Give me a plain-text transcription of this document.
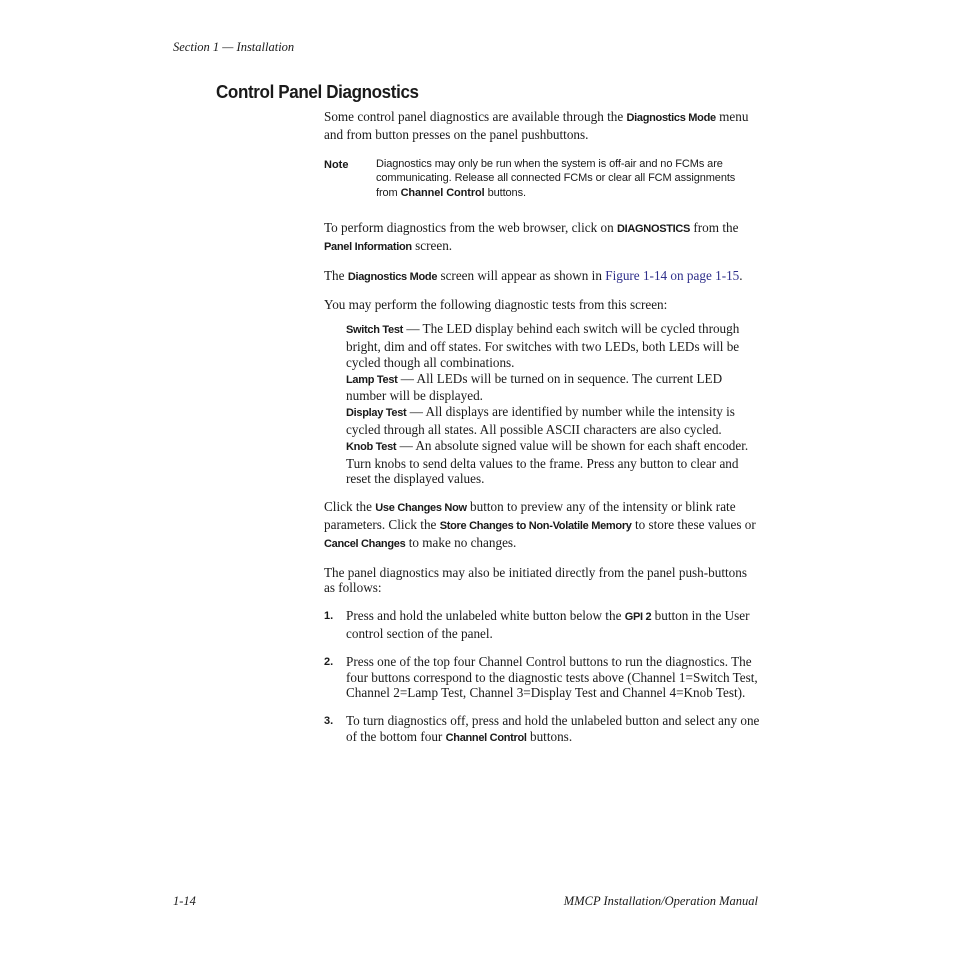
Section 1 — Installation
Control Panel Diagnostics

Some control panel diagnostics are available through the Diagnostics Mode menu and from button presses on the panel pushbuttons.

Note	Diagnostics may only be run when the system is off-air and no FCMs are communicating. Release all connected FCMs or clear all FCM assignments from Channel Control buttons.

To perform diagnostics from the web browser, click on DIAGNOSTICS from the Panel Information screen.

The Diagnostics Mode screen will appear as shown in Figure 1-14 on page 1-15.

You may perform the following diagnostic tests from this screen:

Switch Test — The LED display behind each switch will be cycled through bright, dim and off states. For switches with two LEDs, both LEDs will be cycled though all combinations.

Lamp Test — All LEDs will be turned on in sequence. The current LED number will be displayed.

Display Test — All displays are identified by number while the intensity is cycled through all states. All possible ASCII characters are also cycled.

Knob Test — An absolute signed value will be shown for each shaft encoder. Turn knobs to send delta values to the frame. Press any button to clear and reset the displayed values.

Click the Use Changes Now button to preview any of the intensity or blink rate parameters. Click the Store Changes to Non-Volatile Memory to store these values or Cancel Changes to make no changes.

The panel diagnostics may also be initiated directly from the panel push-buttons as follows:

1. Press and hold the unlabeled white button below the GPI 2 button in the User control section of the panel.
2. Press one of the top four Channel Control buttons to run the diagnostics. The four buttons correspond to the diagnostic tests above (Channel 1=Switch Test, Channel 2=Lamp Test, Channel 3=Display Test and Channel 4=Knob Test).
3. To turn diagnostics off, press and hold the unlabeled button and select any one of the bottom four Channel Control buttons.
1-14	MMCP Installation/Operation Manual
